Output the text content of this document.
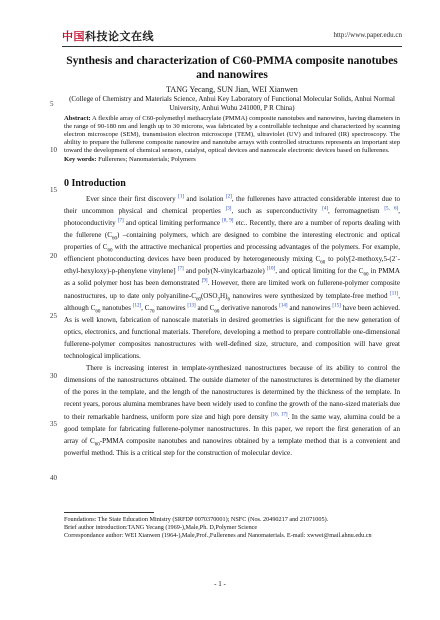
中国科技论文在线	http://www.paper.edu.cn
5
10
15
20
25
30
35
40
Synthesis and characterization of C60-PMMA composite nanotubes and nanowires
TANG Yecang, SUN Jian, WEI Xianwen
(College of Chemistry and Materials Science, Anhui Key Laboratory of Functional Molecular Solids, Anhui Normal University, Anhui Wuhu 241000, P R China)
Abstract: A flexible array of C60-polymethyl methacrylate (PMMA) composite nanotubes and nanowires, having diameters in the range of 90-180 nm and length up to 30 microns, was fabricated by a controllable technique and characterized by scanning electron microscope (SEM), transmission electron microscope (TEM), ultraviolet (UV) and infrared (IR) spectroscopy. The ability to prepare the fullerene composite nanowire and nanotube arrays with controlled structures represents an important step toward the development of chemical sensors, catalyst, optical devices and nanoscale electronic devices based on fullerenes.
Key words: Fullerenes; Nanomaterials; Polymers
0 Introduction

Ever since their first discovery [1] and isolation [2], the fullerenes have attracted considerable interest due to their uncommon physical and chemical properties [3], such as superconductivity [4], ferromagnetism [5, 6], photoconductivity [7] and optical limiting performance [8, 9] etc.. Recently, there are a number of reports dealing with the fullerene $(C_{60})$ –containing polymers, which are designed to combine the interesting electronic and optical properties of $C_{60}$ with the attractive mechanical properties and processing advantages of the polymers. For example, effiencient photoconducting devices have been produced by heterogeneously mixing $C_{60}$ to poly[2-methoxy,5-(2`-ethyl-hexyloxy)-p-phenylene vinylene] [7] and poly(N-vinylcarbazole) [10], and optical limiting for the $C_{60}$ in PMMA as a solid polymer host has been demonstrated [9]. However, there are limited work on fullerene-polymer composite nanostructures, up to date only polyaniline-$C_{60}(OSO_3H)_6$ nanowires were synthesized by template-free method [11], although $C_{60}$ nanotubes [12], $C_{70}$ nanowires [13] and $C_{60}$ derivative nanorods [14] and nanowires [15] have been achieved. As is well known, fabrication of nanoscale materials in desired geometries is significant for the new generation of optics, electronics, and functional materials. Therefore, developing a method to prepare controllable one-dimensional fullerene-polymer composites nanostructures with well-defined size, structure, and composition will have great technological implications.

There is increasing interest in template-synthesized nanostructures because of its ability to control the dimensions of the nanostructures obtained. The outside diameter of the nanostructures is determined by the diameter of the pores in the template, and the length of the nanostructures is determined by the thickness of the template. In recent years, porous alumina membranes have been widely used to confine the growth of the nano-sized materials due to their remarkable hardness, uniform pore size and high pore density [16, 17]. In the same way, alumina could be a good template for fabricating fullerene-polymer nanostructures. In this paper, we report the first generation of an array of $C_{60}$-PMMA composite nanotubes and nanowires obtained by a template method that is a convenient and powerful method. This is a critical step for the construction of molecular device.

Foundations: The State Education Ministry (SRFDP 0070370001); NSFC (Nos. 20490217 and 21071005).
Brief author introduction:TANG Yecang (1969-),Male,Ph. D,Polymer Science
Correspondance author: WEI Xianwen (1964-),Male,Prof.,Fullerenes and Nanomaterials. E-mail: xwwei@mail.ahnu.edu.cn
- 1 -
